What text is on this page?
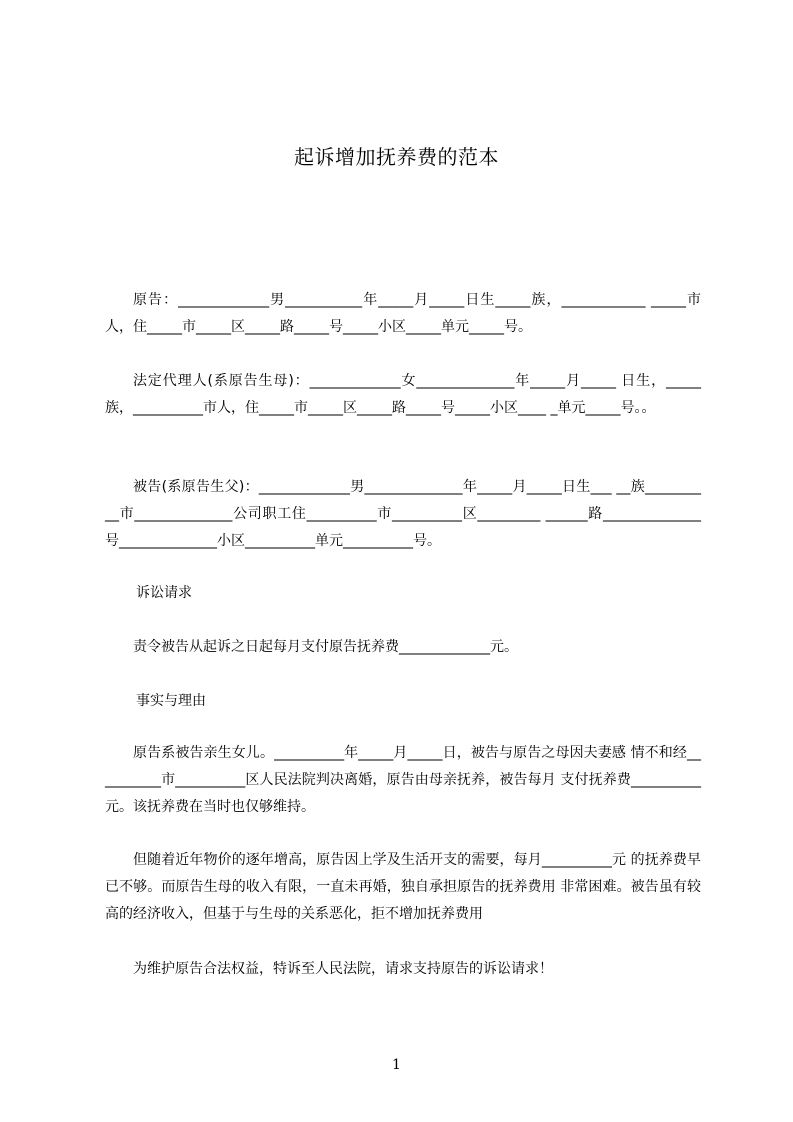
起诉增加抚养费的范本

原告：_____________男___________年_____月_____日生_____族，____________ _____市人，住_____市_____区_____路_____号_____小区_____单元_____号。

法定代理人(系原告生母)：_____________女______________年_____月_____ 日生，_____族，__________市人，住_____市_____区_____路_____号_____小区____ _单元_____号。。

被告(系原告生父)：_____________男______________年_____月_____日生___ __族__________市______________公司职工住__________市__________区_________ ______路______________号______________小区__________单元__________号。

诉讼请求

责令被告从起诉之日起每月支付原告抚养费_____________元。

事实与理由

原告系被告亲生女儿。__________年_____月_____日，被告与原告之母因夫妻感 情不和经__________市__________区人民法院判决离婚，原告由母亲抚养，被告每月 支付抚养费__________元。该抚养费在当时也仅够维持。

但随着近年物价的逐年增高，原告因上学及生活开支的需要，每月__________元 的抚养费早已不够。而原告生母的收入有限，一直未再婚，独自承担原告的抚养费用 非常困难。被告虽有较高的经济收入，但基于与生母的关系恶化，拒不增加抚养费用

为维护原告合法权益，特诉至人民法院，请求支持原告的诉讼请求！

1
